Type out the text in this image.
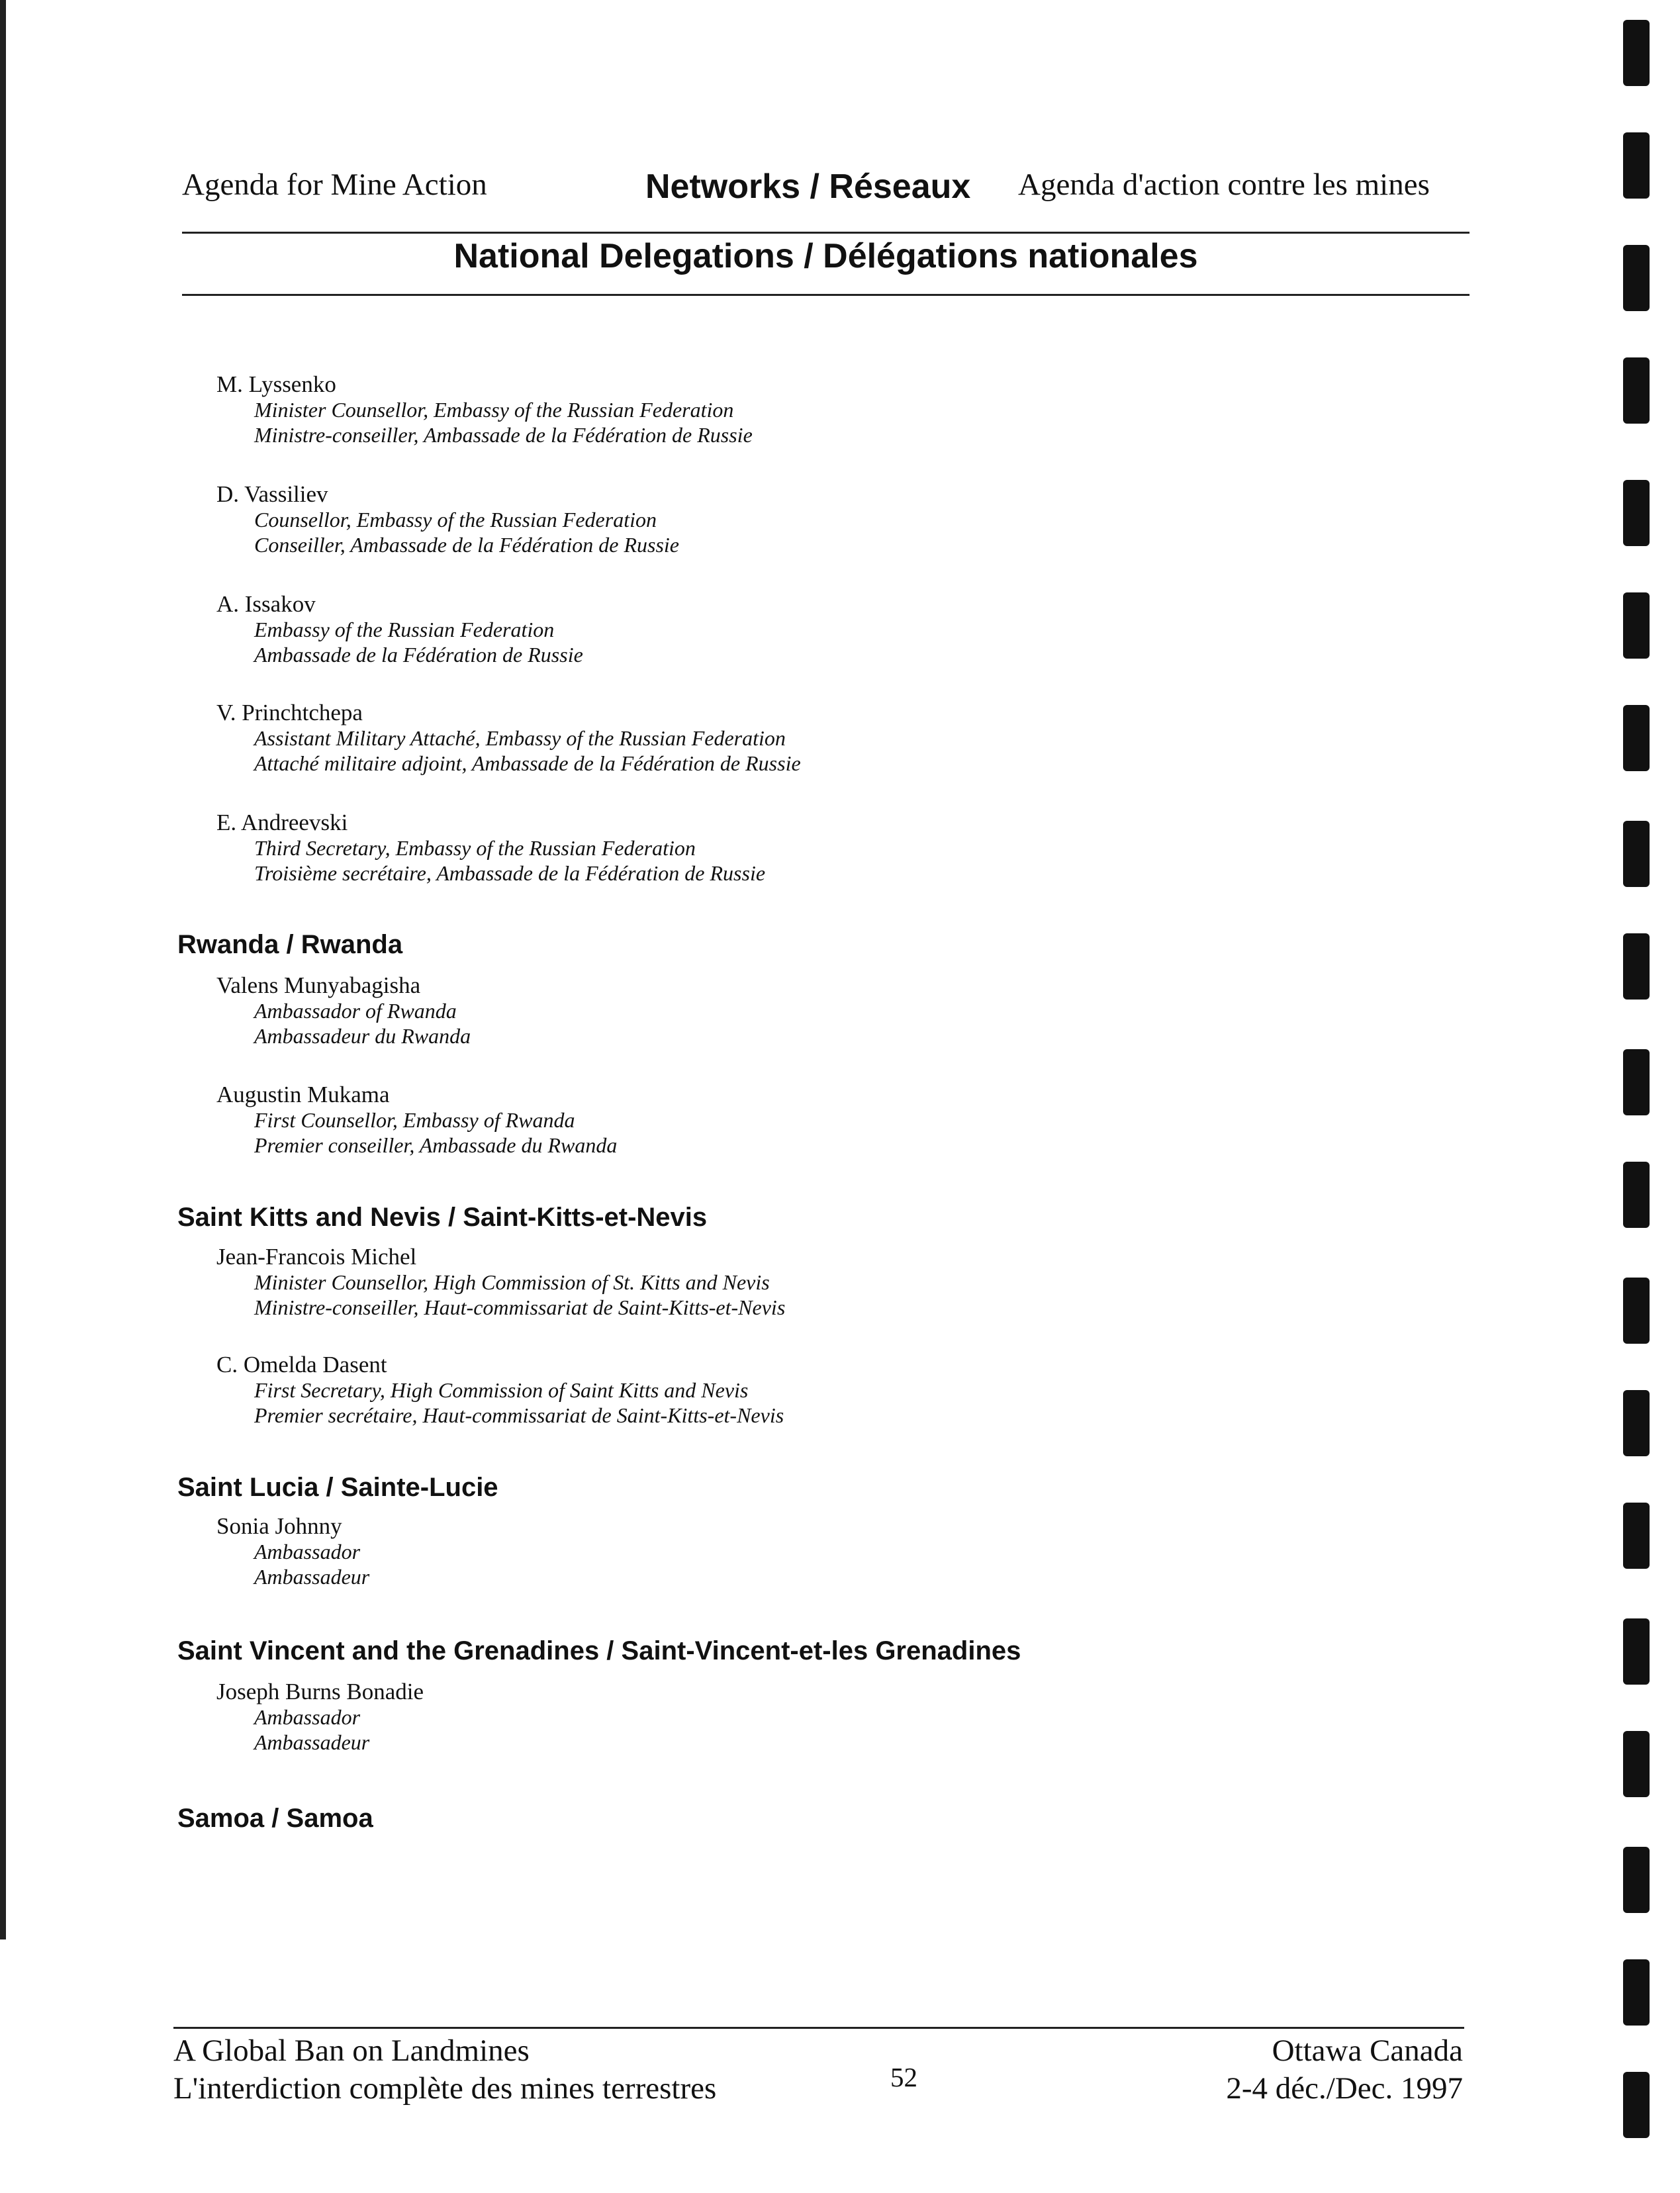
Agenda for Mine Action	Networks / Réseaux Agenda d'action contre les mines
National Delegations / Délégations nationales
M. Lyssenko
Minister Counsellor, Embassy of the Russian Federation
Ministre-conseiller, Ambassade de la Fédération de Russie
D. Vassiliev
Counsellor, Embassy of the Russian Federation
Conseiller, Ambassade de la Fédération de Russie
A. Issakov
Embassy of the Russian Federation
Ambassade de la Fédération de Russie
V. Princhtchepa
Assistant Military Attaché, Embassy of the Russian Federation
Attaché militaire adjoint, Ambassade de la Fédération de Russie
E. Andreevski
Third Secretary, Embassy of the Russian Federation
Troisième secrétaire, Ambassade de la Fédération de Russie
Rwanda / Rwanda
Valens Munyabagisha
Ambassador of Rwanda
Ambassadeur du Rwanda
Augustin Mukama
First Counsellor, Embassy of Rwanda
Premier conseiller, Ambassade du Rwanda
Saint Kitts and Nevis / Saint-Kitts-et-Nevis
Jean-Francois Michel
Minister Counsellor, High Commission of St. Kitts and Nevis
Ministre-conseiller, Haut-commissariat de Saint-Kitts-et-Nevis
C. Omelda Dasent
First Secretary, High Commission of Saint Kitts and Nevis
Premier secrétaire, Haut-commissariat de Saint-Kitts-et-Nevis
Saint Lucia / Sainte-Lucie
Sonia Johnny
Ambassador
Ambassadeur
Saint Vincent and the Grenadines / Saint-Vincent-et-les Grenadines
Joseph Burns Bonadie
Ambassador
Ambassadeur
Samoa / Samoa
A Global Ban on Landmines
L'interdiction complète des mines terrestres	52
Ottawa Canada
2-4 déc./Dec. 1997
